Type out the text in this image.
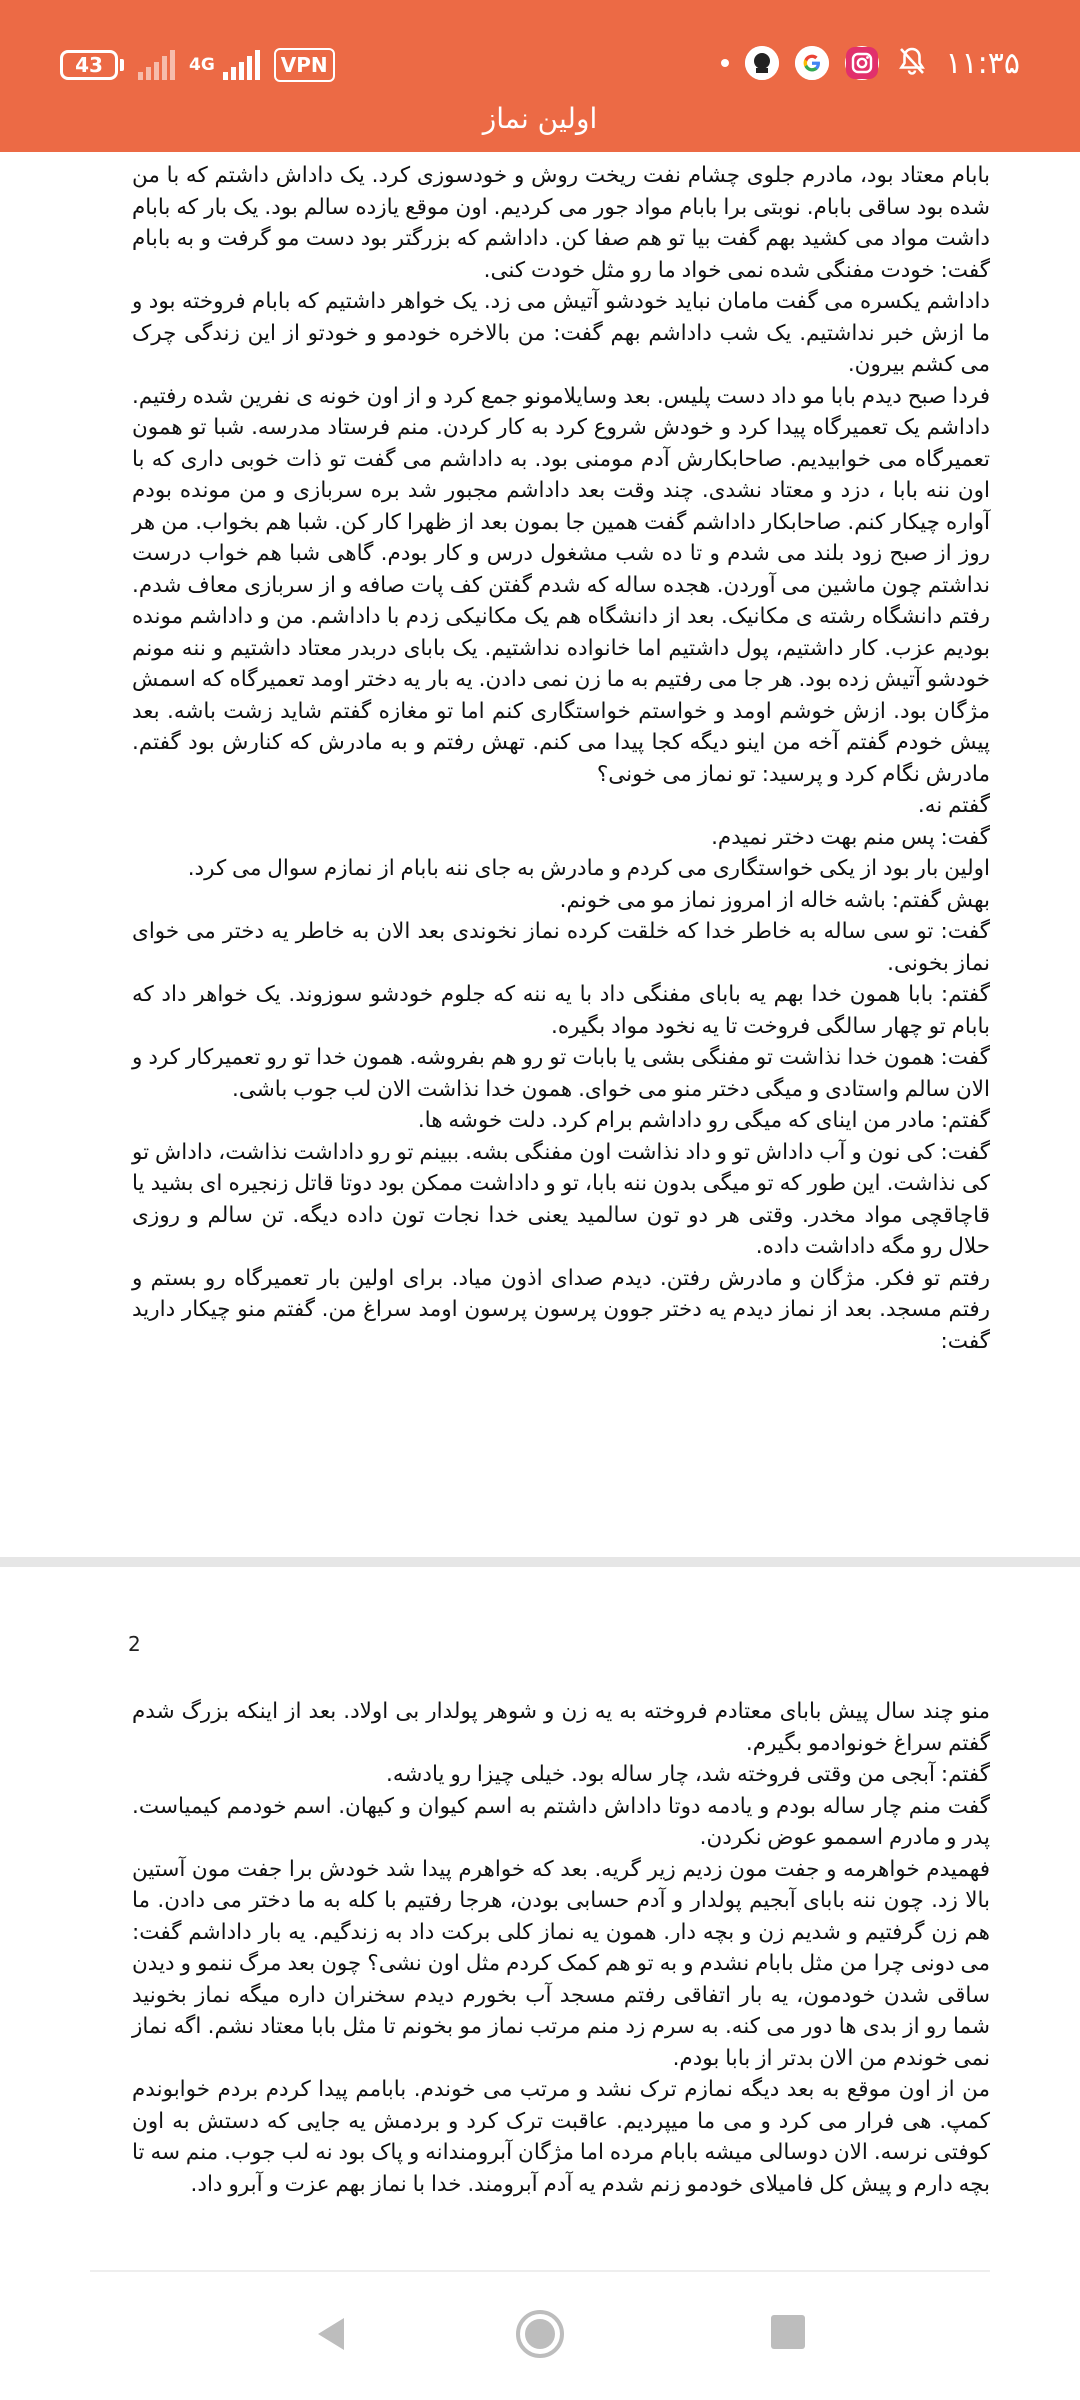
43	4G	VPN	۱۱:۳۵
اولین نماز

بابام معتاد بود، مادرم جلوی چشام نفت ریخت روش و خودسوزی کرد. یک داداش داشتم که با من شده بود ساقی بابام. نوبتی برا بابام مواد جور می کردیم. اون موقع یازده سالم بود. یک بار که بابام داشت مواد می کشید بهم گفت بیا تو هم صفا کن. داداشم که بزرگتر بود دست مو گرفت و به بابام گفت: خودت مفنگی شده نمی خواد ما رو مثل خودت کنی.

داداشم یکسره می گفت مامان نباید خودشو آتیش می زد. یک خواهر داشتیم که بابام فروخته بود و ما ازش خبر نداشتیم. یک شب داداشم بهم گفت: من بالاخره خودمو و خودتو از این زندگی چرک می کشم بیرون.

فردا صبح دیدم بابا مو داد دست پلیس. بعد وسایلامونو جمع کرد و از اون خونه ی نفرین شده رفتیم. داداشم یک تعمیرگاه پیدا کرد و خودش شروع کرد به کار کردن. منم فرستاد مدرسه. شبا تو همون تعمیرگاه می خوابیدیم. صاحابکارش آدم مومنی بود. به داداشم می گفت تو ذات خوبی داری که با اون ننه بابا ، دزد و معتاد نشدی. چند وقت بعد داداشم مجبور شد بره سربازی و من مونده بودم آواره چیکار کنم. صاحابکار داداشم گفت همین جا بمون بعد از ظهرا کار کن. شبا هم بخواب. من هر روز از صبح زود بلند می شدم و تا ده شب مشغول درس و کار بودم. گاهی شبا هم خواب درست نداشتم چون ماشین می آوردن. هجده ساله که شدم گفتن کف پات صافه و از سربازی معاف شدم. رفتم دانشگاه رشته ی مکانیک. بعد از دانشگاه هم یک مکانیکی زدم با داداشم. من و داداشم مونده بودیم عزب. کار داشتیم، پول داشتیم اما خانواده نداشتیم. یک بابای دربدر معتاد داشتیم و ننه مونم خودشو آتیش زده بود. هر جا می رفتیم به ما زن نمی دادن. یه بار یه دختر اومد تعمیرگاه که اسمش مژگان بود. ازش خوشم اومد و خواستم خواستگاری کنم اما تو مغازه گفتم شاید زشت باشه. بعد پیش خودم گفتم آخه من اینو دیگه کجا پیدا می کنم. تهش رفتم و به مادرش که کنارش بود گفتم. مادرش نگام کرد و پرسید: تو نماز می خونی؟

گفتم نه.

گفت: پس منم بهت دختر نمیدم.

اولین بار بود از یکی خواستگاری می کردم و مادرش به جای ننه بابام از نمازم سوال می کرد.

بهش گفتم: باشه خاله از امروز نماز مو می خونم.

گفت: تو سی ساله به خاطر خدا که خلقت کرده نماز نخوندی بعد الان به خاطر یه دختر می خوای نماز بخونی.

گفتم: بابا همون خدا بهم یه بابای مفنگی داد با یه ننه که جلوم خودشو سوزوند. یک خواهر داد که بابام تو چهار سالگی فروخت تا یه نخود مواد بگیره.

گفت: همون خدا نذاشت تو مفنگی بشی یا بابات تو رو هم بفروشه. همون خدا تو رو تعمیرکار کرد و الان سالم واستادی و میگی دختر منو می خوای. همون خدا نذاشت الان لب جوب باشی.

گفتم: مادر من اینای که میگی رو داداشم برام کرد. دلت خوشه ها.

گفت: کی نون و آب داداش تو و داد نذاشت اون مفنگی بشه. ببینم تو رو داداشت نذاشت، داداش تو کی نذاشت. این طور که تو میگی بدون ننه بابا، تو و داداشت ممکن بود دوتا قاتل زنجیره ای بشید یا قاچاقچی مواد مخدر. وقتی هر دو تون سالمید یعنی خدا نجات تون داده دیگه. تن سالم و روزی حلال رو مگه داداشت داده.

رفتم تو فکر. مژگان و مادرش رفتن. دیدم صدای اذون میاد. برای اولین بار تعمیرگاه رو بستم و رفتم مسجد. بعد از نماز دیدم یه دختر جوون پرسون پرسون اومد سراغ من. گفتم منو چیکار دارید گفت:

2

منو چند سال پیش بابای معتادم فروخته به یه زن و شوهر پولدار بی اولاد. بعد از اینکه بزرگ شدم گفتم سراغ خونوادمو بگیرم.

گفتم: آبجی من وقتی فروخته شد، چار ساله بود. خیلی چیزا رو یادشه.

گفت منم چار ساله بودم و یادمه دوتا داداش داشتم به اسم کیوان و کیهان. اسم خودمم کیمیاست. پدر و مادرم اسممو عوض نکردن.

فهمیدم خواهرمه و جفت مون زدیم زیر گریه. بعد که خواهرم پیدا شد خودش برا جفت مون آستین بالا زد. چون ننه بابای آبجیم پولدار و آدم حسابی بودن، هرجا رفتیم با کله به ما دختر می دادن. ما هم زن گرفتیم و شدیم زن و بچه دار. همون یه نماز کلی برکت داد به زندگیم. یه بار داداشم گفت: می دونی چرا من مثل بابام نشدم و به تو هم کمک کردم مثل اون نشی؟ چون بعد مرگ ننمو و دیدن ساقی شدن خودمون، یه بار اتفاقی رفتم مسجد آب بخورم دیدم سخنران داره میگه نماز بخونید شما رو از بدی ها دور می کنه. به سرم زد منم مرتب نماز مو بخونم تا مثل بابا معتاد نشم. اگه نماز نمی خوندم من الان بدتر از بابا بودم.

من از اون موقع به بعد دیگه نمازم ترک نشد و مرتب می خوندم. بابامم پیدا کردم بردم خوابوندم کمپ. هی فرار می کرد و می ما میپردیم. عاقبت ترک کرد و بردمش یه جایی که دستش به اون کوفتی نرسه. الان دوسالی میشه بابام مرده اما مژگان آبرومندانه و پاک بود نه لب جوب. منم سه تا بچه دارم و پیش کل فامیلای خودمو زنم شدم یه آدم آبرومند. خدا با نماز بهم عزت و آبرو داد.
